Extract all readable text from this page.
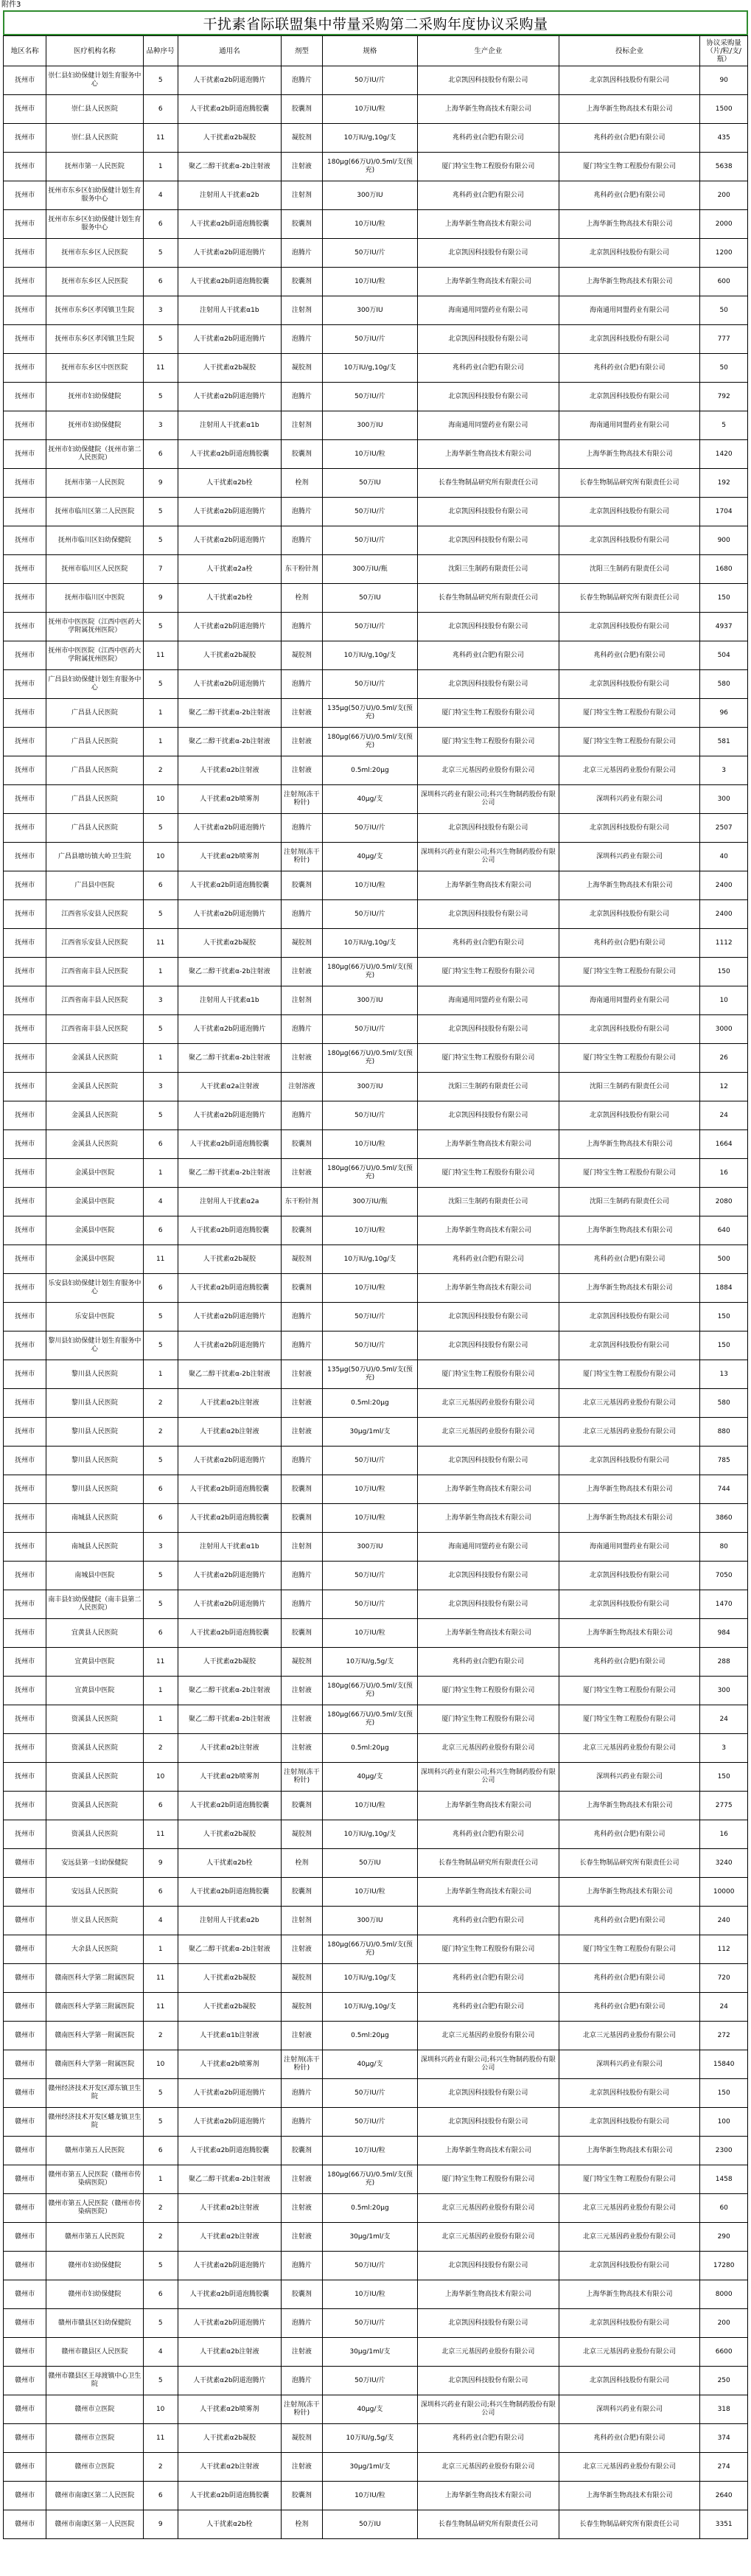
附件3
干扰素省际联盟集中带量采购第二采购年度协议采购量
地区名称	医疗机构名称	品种序号	通用名	剂型	规格	生产企业	投标企业	协议采购量（片/粒/支/瓶）
抚州市	崇仁县妇幼保健计划生育服务中心	5	人干扰素α2b阴道泡腾片	泡腾片	50万IU/片	北京凯因科技股份有限公司	北京凯因科技股份有限公司	90
抚州市	崇仁县人民医院	6	人干扰素α2b阴道泡腾胶囊	胶囊剂	10万IU/粒	上海华新生物高技术有限公司	上海华新生物高技术有限公司	1500
抚州市	崇仁县人民医院	11	人干扰素α2b凝胶	凝胶剂	10万IU/g,10g/支	兆科药业(合肥)有限公司	兆科药业(合肥)有限公司	435
抚州市	抚州市第一人民医院	1	聚乙二醇干扰素α-2b注射液	注射液	180μg(66万U)/0.5ml/支(预充)	厦门特宝生物工程股份有限公司	厦门特宝生物工程股份有限公司	5638
抚州市	抚州市东乡区妇幼保健计划生育服务中心	4	注射用人干扰素α2b	注射剂	300万IU	兆科药业(合肥)有限公司	兆科药业(合肥)有限公司	200
抚州市	抚州市东乡区妇幼保健计划生育服务中心	6	人干扰素α2b阴道泡腾胶囊	胶囊剂	10万IU/粒	上海华新生物高技术有限公司	上海华新生物高技术有限公司	2000
抚州市	抚州市东乡区人民医院	5	人干扰素α2b阴道泡腾片	泡腾片	50万IU/片	北京凯因科技股份有限公司	北京凯因科技股份有限公司	1200
抚州市	抚州市东乡区人民医院	6	人干扰素α2b阴道泡腾胶囊	胶囊剂	10万IU/粒	上海华新生物高技术有限公司	上海华新生物高技术有限公司	600
抚州市	抚州市东乡区孝冈镇卫生院	3	注射用人干扰素α1b	注射剂	300万IU	海南通用同盟药业有限公司	海南通用同盟药业有限公司	50
抚州市	抚州市东乡区孝冈镇卫生院	5	人干扰素α2b阴道泡腾片	泡腾片	50万IU/片	北京凯因科技股份有限公司	北京凯因科技股份有限公司	777
抚州市	抚州市东乡区中医医院	11	人干扰素α2b凝胶	凝胶剂	10万IU/g,10g/支	兆科药业(合肥)有限公司	兆科药业(合肥)有限公司	50
抚州市	抚州市妇幼保健院	5	人干扰素α2b阴道泡腾片	泡腾片	50万IU/片	北京凯因科技股份有限公司	北京凯因科技股份有限公司	792
抚州市	抚州市妇幼保健院	3	注射用人干扰素α1b	注射剂	300万IU	海南通用同盟药业有限公司	海南通用同盟药业有限公司	5
抚州市	抚州市妇幼保健院（抚州市第二人民医院）	6	人干扰素α2b阴道泡腾胶囊	胶囊剂	10万IU/粒	上海华新生物高技术有限公司	上海华新生物高技术有限公司	1420
抚州市	抚州市第一人民医院	9	人干扰素α2b栓	栓剂	50万IU	长春生物制品研究所有限责任公司	长春生物制品研究所有限责任公司	192
抚州市	抚州市临川区第二人民医院	5	人干扰素α2b阴道泡腾片	泡腾片	50万IU/片	北京凯因科技股份有限公司	北京凯因科技股份有限公司	1704
抚州市	抚州市临川区妇幼保健院	5	人干扰素α2b阴道泡腾片	泡腾片	50万IU/片	北京凯因科技股份有限公司	北京凯因科技股份有限公司	900
抚州市	抚州市临川区人民医院	7	人干扰素α2a栓	东干粉针剂	300万IU/瓶	沈阳三生制药有限责任公司	沈阳三生制药有限责任公司	1680
抚州市	抚州市临川区中医院	9	人干扰素α2b栓	栓剂	50万IU	长春生物制品研究所有限责任公司	长春生物制品研究所有限责任公司	150
抚州市	抚州市中医医院（江西中医药大学附属抚州医院）	5	人干扰素α2b阴道泡腾片	泡腾片	50万IU/片	北京凯因科技股份有限公司	北京凯因科技股份有限公司	4937
抚州市	抚州市中医医院（江西中医药大学附属抚州医院）	11	人干扰素α2b凝胶	凝胶剂	10万IU/g,10g/支	兆科药业(合肥)有限公司	兆科药业(合肥)有限公司	504
抚州市	广昌县妇幼保健计划生育服务中心	5	人干扰素α2b阴道泡腾片	泡腾片	50万IU/片	北京凯因科技股份有限公司	北京凯因科技股份有限公司	580
抚州市	广昌县人民医院	1	聚乙二醇干扰素α-2b注射液	注射液	135μg(50万U)/0.5ml/支(预充)	厦门特宝生物工程股份有限公司	厦门特宝生物工程股份有限公司	96
抚州市	广昌县人民医院	1	聚乙二醇干扰素α-2b注射液	注射液	180μg(66万U)/0.5ml/支(预充)	厦门特宝生物工程股份有限公司	厦门特宝生物工程股份有限公司	581
抚州市	广昌县人民医院	2	人干扰素α2b注射液	注射液	0.5ml:20μg	北京三元基因药业股份有限公司	北京三元基因药业股份有限公司	3
抚州市	广昌县人民医院	10	人干扰素α2b喷雾剂	注射剂(冻干粉针)	40μg/支	深圳科兴药业有限公司;科兴生物制药股份有限公司	深圳科兴药业有限公司	300
抚州市	广昌县人民医院	5	人干扰素α2b阴道泡腾片	泡腾片	50万IU/片	北京凯因科技股份有限公司	北京凯因科技股份有限公司	2507
抚州市	广昌县塘坊镇大岭卫生院	10	人干扰素α2b喷雾剂	注射剂(冻干粉针)	40μg/支	深圳科兴药业有限公司;科兴生物制药股份有限公司	深圳科兴药业有限公司	40
抚州市	广昌县中医院	6	人干扰素α2b阴道泡腾胶囊	胶囊剂	10万IU/粒	上海华新生物高技术有限公司	上海华新生物高技术有限公司	2400
抚州市	江西省乐安县人民医院	5	人干扰素α2b阴道泡腾片	泡腾片	50万IU/片	北京凯因科技股份有限公司	北京凯因科技股份有限公司	2400
抚州市	江西省乐安县人民医院	11	人干扰素α2b凝胶	凝胶剂	10万IU/g,10g/支	兆科药业(合肥)有限公司	兆科药业(合肥)有限公司	1112
抚州市	江西省南丰县人民医院	1	聚乙二醇干扰素α-2b注射液	注射液	180μg(66万U)/0.5ml/支(预充)	厦门特宝生物工程股份有限公司	厦门特宝生物工程股份有限公司	150
抚州市	江西省南丰县人民医院	3	注射用人干扰素α1b	注射剂	300万IU	海南通用同盟药业有限公司	海南通用同盟药业有限公司	10
抚州市	江西省南丰县人民医院	5	人干扰素α2b阴道泡腾片	泡腾片	50万IU/片	北京凯因科技股份有限公司	北京凯因科技股份有限公司	3000
抚州市	金溪县人民医院	1	聚乙二醇干扰素α-2b注射液	注射液	180μg(66万U)/0.5ml/支(预充)	厦门特宝生物工程股份有限公司	厦门特宝生物工程股份有限公司	26
抚州市	金溪县人民医院	3	人干扰素α2a注射液	注射溶液	300万IU	沈阳三生制药有限责任公司	沈阳三生制药有限责任公司	12
抚州市	金溪县人民医院	5	人干扰素α2b阴道泡腾片	泡腾片	50万IU/片	北京凯因科技股份有限公司	北京凯因科技股份有限公司	24
抚州市	金溪县人民医院	6	人干扰素α2b阴道泡腾胶囊	胶囊剂	10万IU/粒	上海华新生物高技术有限公司	上海华新生物高技术有限公司	1664
抚州市	金溪县中医院	1	聚乙二醇干扰素α-2b注射液	注射液	180μg(66万U)/0.5ml/支(预充)	厦门特宝生物工程股份有限公司	厦门特宝生物工程股份有限公司	16
抚州市	金溪县中医院	4	注射用人干扰素α2a	东干粉针剂	300万IU/瓶	沈阳三生制药有限责任公司	沈阳三生制药有限责任公司	2080
抚州市	金溪县中医院	6	人干扰素α2b阴道泡腾胶囊	胶囊剂	10万IU/粒	上海华新生物高技术有限公司	上海华新生物高技术有限公司	640
抚州市	金溪县中医院	11	人干扰素α2b凝胶	凝胶剂	10万IU/g,10g/支	兆科药业(合肥)有限公司	兆科药业(合肥)有限公司	500
抚州市	乐安县妇幼保健计划生育服务中心	6	人干扰素α2b阴道泡腾胶囊	胶囊剂	10万IU/粒	上海华新生物高技术有限公司	上海华新生物高技术有限公司	1884
抚州市	乐安县中医院	5	人干扰素α2b阴道泡腾片	泡腾片	50万IU/片	北京凯因科技股份有限公司	北京凯因科技股份有限公司	150
抚州市	黎川县妇幼保健计划生育服务中心	5	人干扰素α2b阴道泡腾片	泡腾片	50万IU/片	北京凯因科技股份有限公司	北京凯因科技股份有限公司	150
抚州市	黎川县人民医院	1	聚乙二醇干扰素α-2b注射液	注射液	135μg(50万U)/0.5ml/支(预充)	厦门特宝生物工程股份有限公司	厦门特宝生物工程股份有限公司	13
抚州市	黎川县人民医院	2	人干扰素α2b注射液	注射液	0.5ml:20μg	北京三元基因药业股份有限公司	北京三元基因药业股份有限公司	580
抚州市	黎川县人民医院	2	人干扰素α2b注射液	注射液	30μg/1ml/支	北京三元基因药业股份有限公司	北京三元基因药业股份有限公司	880
抚州市	黎川县人民医院	5	人干扰素α2b阴道泡腾片	泡腾片	50万IU/片	北京凯因科技股份有限公司	北京凯因科技股份有限公司	785
抚州市	黎川县人民医院	6	人干扰素α2b阴道泡腾胶囊	胶囊剂	10万IU/粒	上海华新生物高技术有限公司	上海华新生物高技术有限公司	744
抚州市	南城县人民医院	6	人干扰素α2b阴道泡腾胶囊	胶囊剂	10万IU/粒	上海华新生物高技术有限公司	上海华新生物高技术有限公司	3860
抚州市	南城县人民医院	3	注射用人干扰素α1b	注射剂	300万IU	海南通用同盟药业有限公司	海南通用同盟药业有限公司	80
抚州市	南城县中医院	5	人干扰素α2b阴道泡腾片	泡腾片	50万IU/片	北京凯因科技股份有限公司	北京凯因科技股份有限公司	7050
抚州市	南丰县妇幼保健院（南丰县第二人民医院）	5	人干扰素α2b阴道泡腾片	泡腾片	50万IU/片	北京凯因科技股份有限公司	北京凯因科技股份有限公司	1470
抚州市	宜黄县人民医院	6	人干扰素α2b阴道泡腾胶囊	胶囊剂	10万IU/粒	上海华新生物高技术有限公司	上海华新生物高技术有限公司	984
抚州市	宜黄县中医院	11	人干扰素α2b凝胶	凝胶剂	10万IU/g,5g/支	兆科药业(合肥)有限公司	兆科药业(合肥)有限公司	288
抚州市	宜黄县中医院	1	聚乙二醇干扰素α-2b注射液	注射液	180μg(66万U)/0.5ml/支(预充)	厦门特宝生物工程股份有限公司	厦门特宝生物工程股份有限公司	300
抚州市	资溪县人民医院	1	聚乙二醇干扰素α-2b注射液	注射液	180μg(66万U)/0.5ml/支(预充)	厦门特宝生物工程股份有限公司	厦门特宝生物工程股份有限公司	24
抚州市	资溪县人民医院	2	人干扰素α2b注射液	注射液	0.5ml:20μg	北京三元基因药业股份有限公司	北京三元基因药业股份有限公司	3
抚州市	资溪县人民医院	10	人干扰素α2b喷雾剂	注射剂(冻干粉针)	40μg/支	深圳科兴药业有限公司;科兴生物制药股份有限公司	深圳科兴药业有限公司	150
抚州市	资溪县人民医院	6	人干扰素α2b阴道泡腾胶囊	胶囊剂	10万IU/粒	上海华新生物高技术有限公司	上海华新生物高技术有限公司	2775
抚州市	资溪县人民医院	11	人干扰素α2b凝胶	凝胶剂	10万IU/g,10g/支	兆科药业(合肥)有限公司	兆科药业(合肥)有限公司	16
赣州市	安远县第一妇幼保健院	9	人干扰素α2b栓	栓剂	50万IU	长春生物制品研究所有限责任公司	长春生物制品研究所有限责任公司	3240
赣州市	安远县人民医院	6	人干扰素α2b阴道泡腾胶囊	胶囊剂	10万IU/粒	上海华新生物高技术有限公司	上海华新生物高技术有限公司	10000
赣州市	崇义县人民医院	4	注射用人干扰素α2b	注射剂	300万IU	兆科药业(合肥)有限公司	兆科药业(合肥)有限公司	240
赣州市	大余县人民医院	1	聚乙二醇干扰素α-2b注射液	注射液	180μg(66万U)/0.5ml/支(预充)	厦门特宝生物工程股份有限公司	厦门特宝生物工程股份有限公司	112
赣州市	赣南医科大学第二附属医院	11	人干扰素α2b凝胶	凝胶剂	10万IU/g,10g/支	兆科药业(合肥)有限公司	兆科药业(合肥)有限公司	720
赣州市	赣南医科大学第三附属医院	11	人干扰素α2b凝胶	凝胶剂	10万IU/g,10g/支	兆科药业(合肥)有限公司	兆科药业(合肥)有限公司	24
赣州市	赣南医科大学第一附属医院	2	人干扰素α1b注射液	注射液	0.5ml:20μg	北京三元基因药业股份有限公司	北京三元基因药业股份有限公司	272
赣州市	赣南医科大学第一附属医院	10	人干扰素α2b喷雾剂	注射剂(冻干粉针)	40μg/支	深圳科兴药业有限公司;科兴生物制药股份有限公司	深圳科兴药业有限公司	15840
赣州市	赣州经济技术开发区潭东镇卫生院	5	人干扰素α2b阴道泡腾片	泡腾片	50万IU/片	北京凯因科技股份有限公司	北京凯因科技股份有限公司	150
赣州市	赣州经济技术开发区蟠龙镇卫生院	5	人干扰素α2b阴道泡腾片	泡腾片	50万IU/片	北京凯因科技股份有限公司	北京凯因科技股份有限公司	100
赣州市	赣州市第五人民医院	6	人干扰素α2b阴道泡腾胶囊	胶囊剂	10万IU/粒	上海华新生物高技术有限公司	上海华新生物高技术有限公司	2300
赣州市	赣州市第五人民医院（赣州市传染病医院）	1	聚乙二醇干扰素α-2b注射液	注射液	180μg(66万U)/0.5ml/支(预充)	厦门特宝生物工程股份有限公司	厦门特宝生物工程股份有限公司	1458
赣州市	赣州市第五人民医院（赣州市传染病医院）	2	人干扰素α2b注射液	注射液	0.5ml:20μg	北京三元基因药业股份有限公司	北京三元基因药业股份有限公司	60
赣州市	赣州市第五人民医院	2	人干扰素α2b注射液	注射液	30μg/1ml/支	北京三元基因药业股份有限公司	北京三元基因药业股份有限公司	290
赣州市	赣州市妇幼保健院	5	人干扰素α2b阴道泡腾片	泡腾片	50万IU/片	北京凯因科技股份有限公司	北京凯因科技股份有限公司	17280
赣州市	赣州市妇幼保健院	6	人干扰素α2b阴道泡腾胶囊	胶囊剂	10万IU/粒	上海华新生物高技术有限公司	上海华新生物高技术有限公司	8000
赣州市	赣州市赣县区妇幼保健院	5	人干扰素α2b阴道泡腾片	泡腾片	50万IU/片	北京凯因科技股份有限公司	北京凯因科技股份有限公司	200
赣州市	赣州市赣县区人民医院	4	人干扰素α2b注射液	注射液	30μg/1ml/支	北京三元基因药业股份有限公司	北京三元基因药业股份有限公司	6600
赣州市	赣州市赣县区王母渡镇中心卫生院	5	人干扰素α2b阴道泡腾片	泡腾片	50万IU/片	北京凯因科技股份有限公司	北京凯因科技股份有限公司	250
赣州市	赣州市立医院	10	人干扰素α2b喷雾剂	注射剂(冻干粉针)	40μg/支	深圳科兴药业有限公司;科兴生物制药股份有限公司	深圳科兴药业有限公司	318
赣州市	赣州市立医院	11	人干扰素α2b凝胶	凝胶剂	10万IU/g,5g/支	兆科药业(合肥)有限公司	兆科药业(合肥)有限公司	374
赣州市	赣州市立医院	2	人干扰素α2b注射液	注射液	30μg/1ml/支	北京三元基因药业股份有限公司	北京三元基因药业股份有限公司	274
赣州市	赣州市南康区第二人民医院	6	人干扰素α2b阴道泡腾胶囊	胶囊剂	10万IU/粒	上海华新生物高技术有限公司	上海华新生物高技术有限公司	2640
赣州市	赣州市南康区第一人民医院	9	人干扰素α2b栓	栓剂	50万IU	长春生物制品研究所有限责任公司	长春生物制品研究所有限责任公司	3351
